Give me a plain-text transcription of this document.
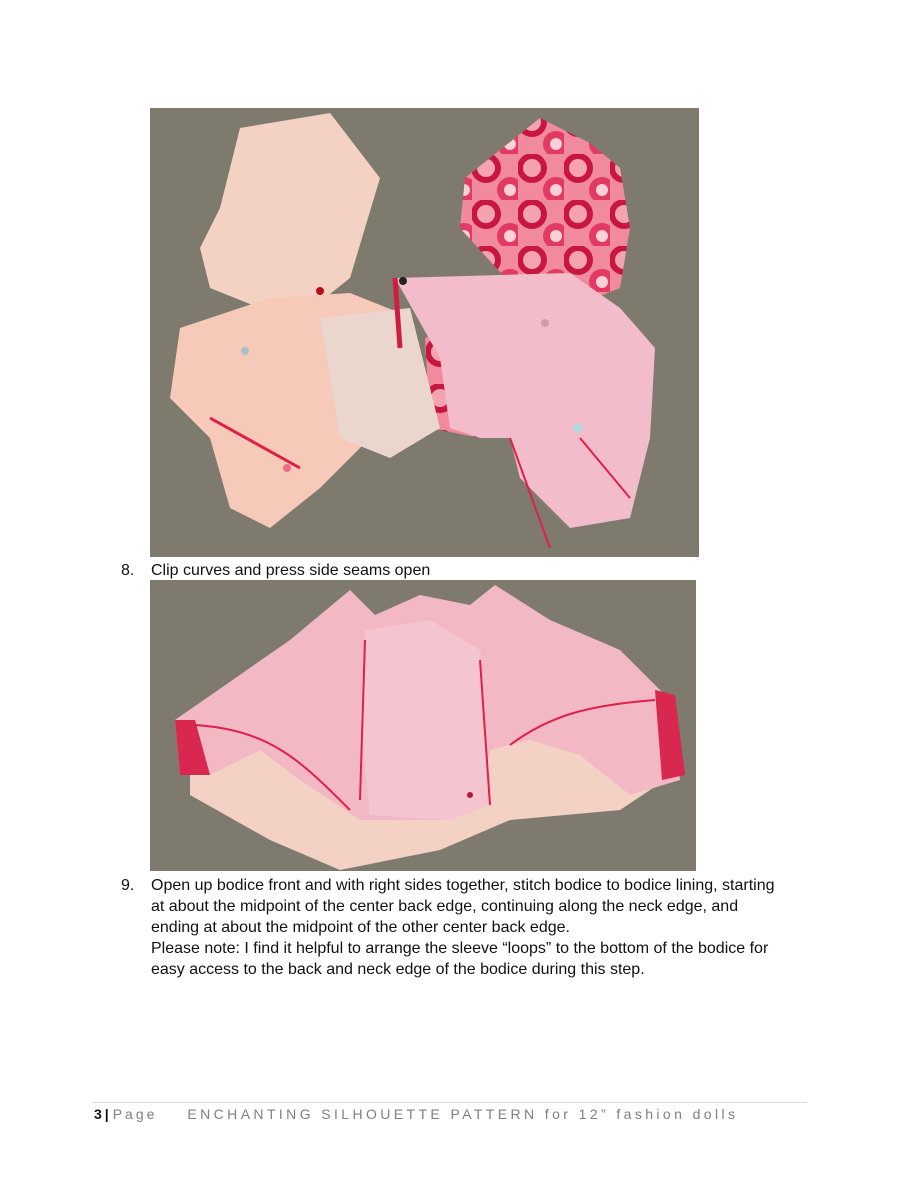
8. Clip curves and press side seams open
9. Open up bodice front and with right sides together, stitch bodice to bodice lining, starting
at about the midpoint of the center back edge, continuing along the neck edge, and
ending at about the midpoint of the other center back edge.
Please note: I find it helpful to arrange the sleeve “loops” to the bottom of the bodice for
easy access to the back and neck edge of the bodice during this step.
3 | Page ENCHANTING SILHOUETTE PATTERN for 12” fashion dolls
